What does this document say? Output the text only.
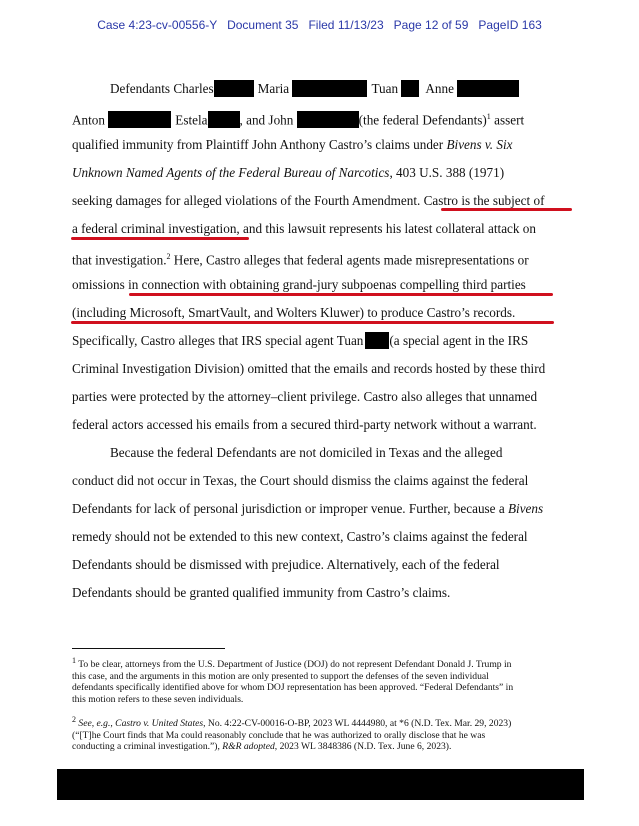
Case 4:23-cv-00556-Y Document 35 Filed 11/13/23 Page 12 of 59 PageID 163
Defendants Charles	Maria	Tuan Anne
Anton	Estela , and John	(the federal Defendants)$^1$ assert
qualified immunity from Plaintiff John Anthony Castro’s claims under Bivens v. Six
Unknown Named Agents of the Federal Bureau of Narcotics, 403 U.S. 388 (1971)
seeking damages for alleged violations of the Fourth Amendment. Castro is the subject of
a federal criminal investigation, and this lawsuit represents his latest collateral attack on
that investigation.$^2$ Here, Castro alleges that federal agents made misrepresentations or
omissions in connection with obtaining grand-jury subpoenas compelling third parties
(including Microsoft, SmartVault, and Wolters Kluwer) to produce Castro’s records.
Specifically, Castro alleges that IRS special agent Tuan (a special agent in the IRS
Criminal Investigation Division) omitted that the emails and records hosted by these third
parties were protected by the attorney–client privilege. Castro also alleges that unnamed
federal actors accessed his emails from a secured third-party network without a warrant.
Because the federal Defendants are not domiciled in Texas and the alleged
conduct did not occur in Texas, the Court should dismiss the claims against the federal
Defendants for lack of personal jurisdiction or improper venue. Further, because a Bivens
remedy should not be extended to this new context, Castro’s claims against the federal
Defendants should be dismissed with prejudice. Alternatively, each of the federal
Defendants should be granted qualified immunity from Castro’s claims.
$^1$ To be clear, attorneys from the U.S. Department of Justice (DOJ) do not represent Defendant Donald J. Trump in
this case, and the arguments in this motion are only presented to support the defenses of the seven individual
defendants specifically identified above for whom DOJ representation has been approved. “Federal Defendants” in
this motion refers to these seven individuals.
$^2$ See, e.g., Castro v. United States, No. 4:22-CV-00016-O-BP, 2023 WL 4444980, at *6 (N.D. Tex. Mar. 29, 2023)
(“[T]he Court finds that Ma could reasonably conclude that he was authorized to orally disclose that he was
conducting a criminal investigation.”), R&R adopted, 2023 WL 3848386 (N.D. Tex. June 6, 2023).
